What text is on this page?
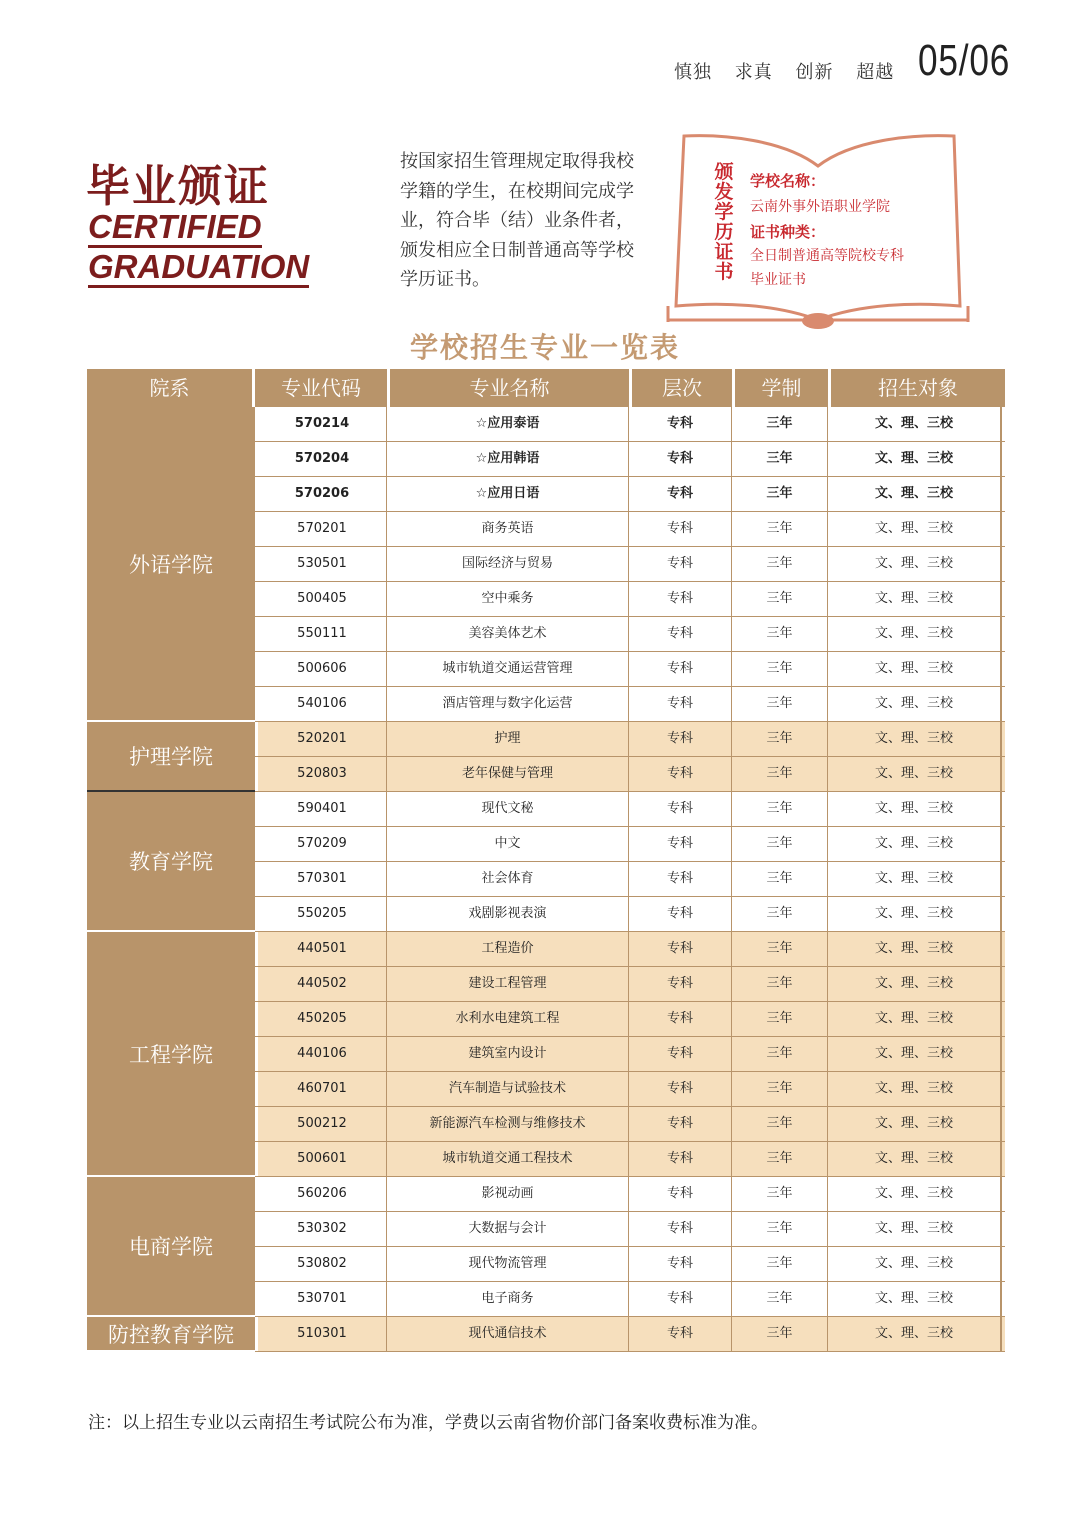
慎独 求真 创新 超越 05/06
毕业颁证
CERTIFIED
GRADUATION
按国家招生管理规定取得我校学籍的学生，在校期间完成学业，符合毕（结）业条件者，颁发相应全日制普通高等学校学历证书。
颁发学历证书
学校名称：
云南外事外语职业学院
证书种类：
全日制普通高等院校专科
毕业证书
学校招生专业一览表
院系	专业代码	专业名称	层次	学制	招生对象
外语学院
570214	☆应用泰语	专科	三年	文、理、三校
570204	☆应用韩语	专科	三年	文、理、三校
570206	☆应用日语	专科	三年	文、理、三校
570201	商务英语	专科	三年	文、理、三校
530501	国际经济与贸易	专科	三年	文、理、三校
500405	空中乘务	专科	三年	文、理、三校
550111	美容美体艺术	专科	三年	文、理、三校
500606	城市轨道交通运营管理	专科	三年	文、理、三校
540106	酒店管理与数字化运营	专科	三年	文、理、三校
护理学院
520201	护理	专科	三年	文、理、三校
520803	老年保健与管理	专科	三年	文、理、三校
教育学院
590401	现代文秘	专科	三年	文、理、三校
570209	中文	专科	三年	文、理、三校
570301	社会体育	专科	三年	文、理、三校
550205	戏剧影视表演	专科	三年	文、理、三校
工程学院
440501	工程造价	专科	三年	文、理、三校
440502	建设工程管理	专科	三年	文、理、三校
450205	水利水电建筑工程	专科	三年	文、理、三校
440106	建筑室内设计	专科	三年	文、理、三校
460701	汽车制造与试验技术	专科	三年	文、理、三校
500212	新能源汽车检测与维修技术	专科	三年	文、理、三校
500601	城市轨道交通工程技术	专科	三年	文、理、三校
电商学院
560206	影视动画	专科	三年	文、理、三校
530302	大数据与会计	专科	三年	文、理、三校
530802	现代物流管理	专科	三年	文、理、三校
530701	电子商务	专科	三年	文、理、三校
防控教育学院	510301	现代通信技术	专科	三年	文、理、三校
注：以上招生专业以云南招生考试院公布为准，学费以云南省物价部门备案收费标准为准。
